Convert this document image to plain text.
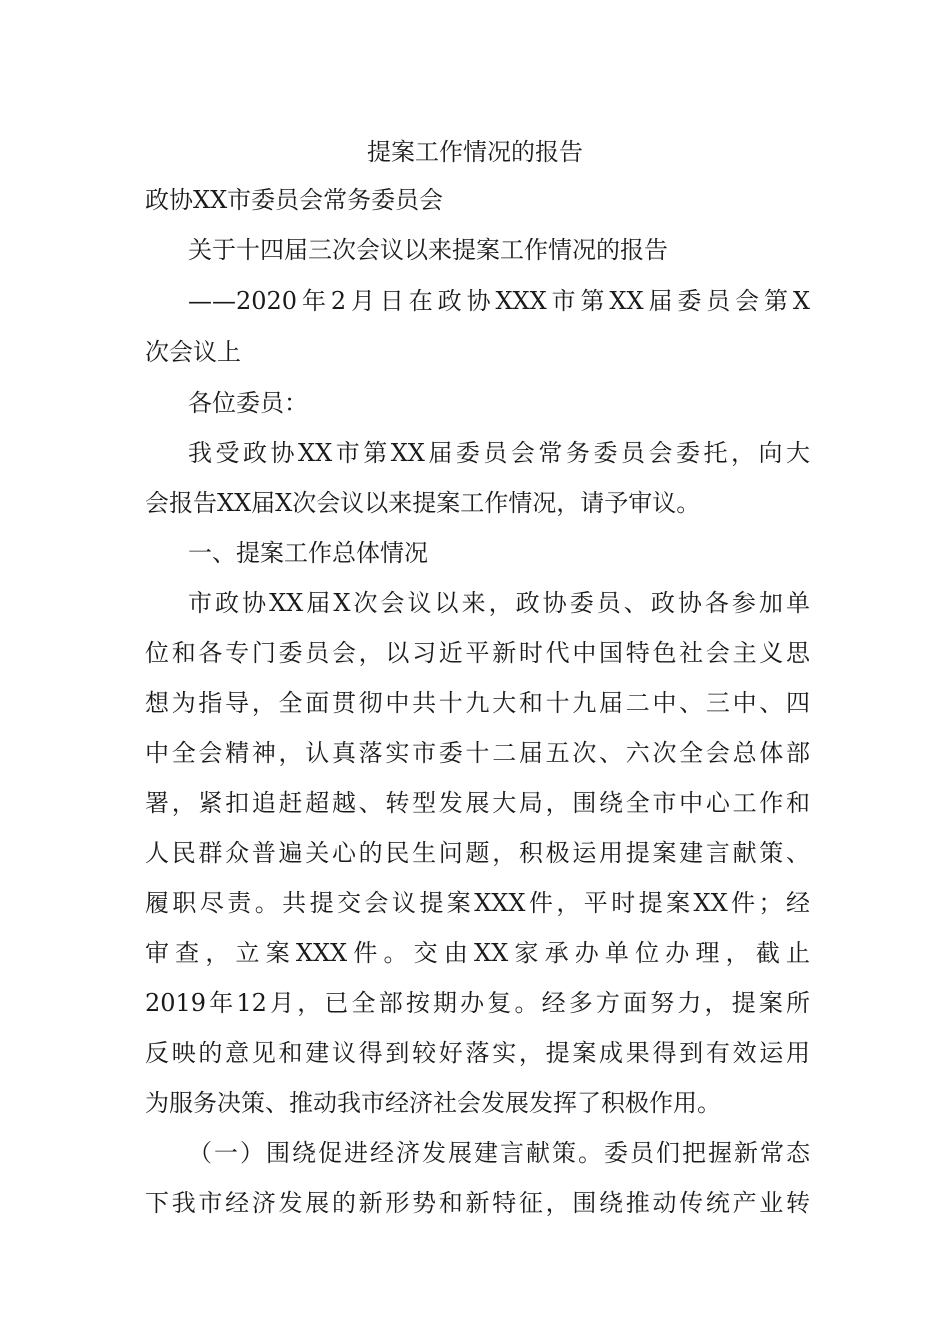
提案工作情况的报告
政协XX市委员会常务委员会
关于十四届三次会议以来提案工作情况的报告
——2020年2月日在政协XXX市第XX届委员会第X
次会议上
各位委员：
我受政协XX市第XX届委员会常务委员会委托，向大
会报告XX届X次会议以来提案工作情况，请予审议。
一、提案工作总体情况
市政协XX届X次会议以来，政协委员、政协各参加单
位和各专门委员会，以习近平新时代中国特色社会主义思
想为指导，全面贯彻中共十九大和十九届二中、三中、四
中全会精神，认真落实市委十二届五次、六次全会总体部
署，紧扣追赶超越、转型发展大局，围绕全市中心工作和
人民群众普遍关心的民生问题，积极运用提案建言献策、
履职尽责。共提交会议提案XXX件，平时提案XX件；经
审查，立案XXX件。交由XX家承办单位办理，截止
2019年12月，已全部按期办复。经多方面努力，提案所
反映的意见和建议得到较好落实，提案成果得到有效运用
为服务决策、推动我市经济社会发展发挥了积极作用。
（一）围绕促进经济发展建言献策。委员们把握新常态
下我市经济发展的新形势和新特征，围绕推动传统产业转
